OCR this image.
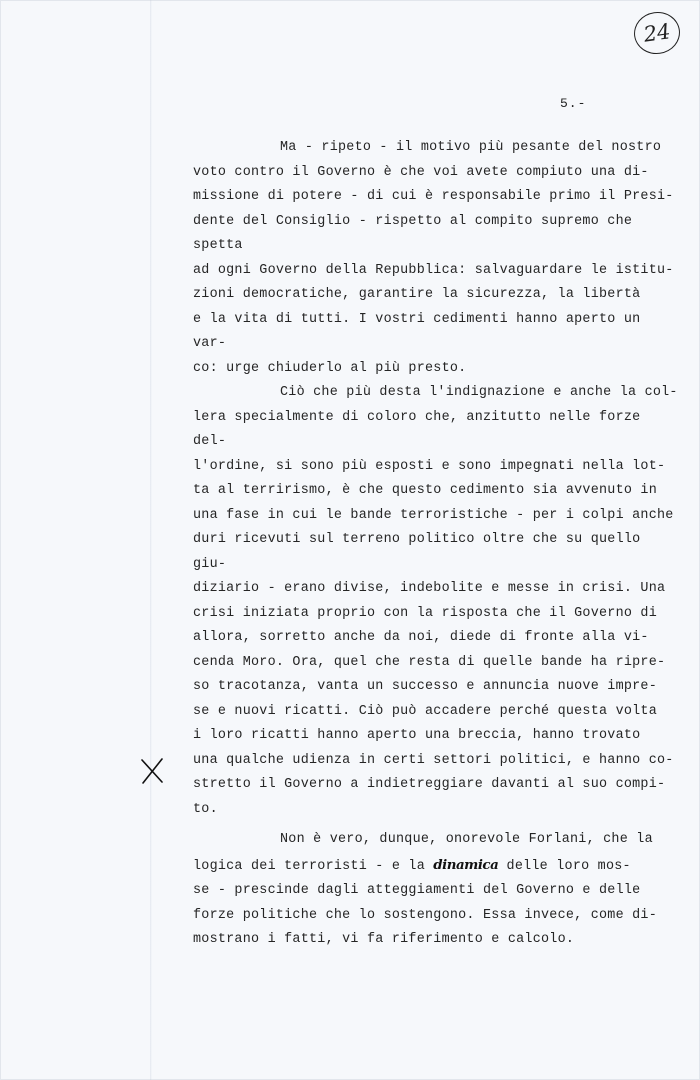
24
5.-

Ma - ripeto - il motivo più pesante del nostro
voto contro il Governo è che voi avete compiuto una di-
missione di potere - di cui è responsabile primo il Presi-
dente del Consiglio - rispetto al compito supremo che spetta
ad ogni Governo della Repubblica: salvaguardare le istitu-
zioni democratiche, garantire la sicurezza, la libertà
e la vita di tutti. I vostri cedimenti hanno aperto un var-
co: urge chiuderlo al più presto.

Ciò che più desta l'indignazione e anche la col-
lera specialmente di coloro che, anzitutto nelle forze del-
l'ordine, si sono più esposti e sono impegnati nella lot-
ta al terrirismo, è che questo cedimento sia avvenuto in
una fase in cui le bande terroristiche - per i colpi anche
duri ricevuti sul terreno politico oltre che su quello giu-
diziario - erano divise, indebolite e messe in crisi. Una
crisi iniziata proprio con la risposta che il Governo di
allora, sorretto anche da noi, diede di fronte alla vi-
cenda Moro. Ora, quel che resta di quelle bande ha ripre-
so tracotanza, vanta un successo e annuncia nuove impre-
se e nuovi ricatti. Ciò può accadere perché questa volta
i loro ricatti hanno aperto una breccia, hanno trovato
una qualche udienza in certi settori politici, e hanno co-
stretto il Governo a indietreggiare davanti al suo compi-
to.

Non è vero, dunque, onorevole Forlani, che la
logica dei terroristi - e la dinamica delle loro mos-
se - prescinde dagli atteggiamenti del Governo e delle
forze politiche che lo sostengono. Essa invece, come di-
mostrano i fatti, vi fa riferimento e calcolo.
